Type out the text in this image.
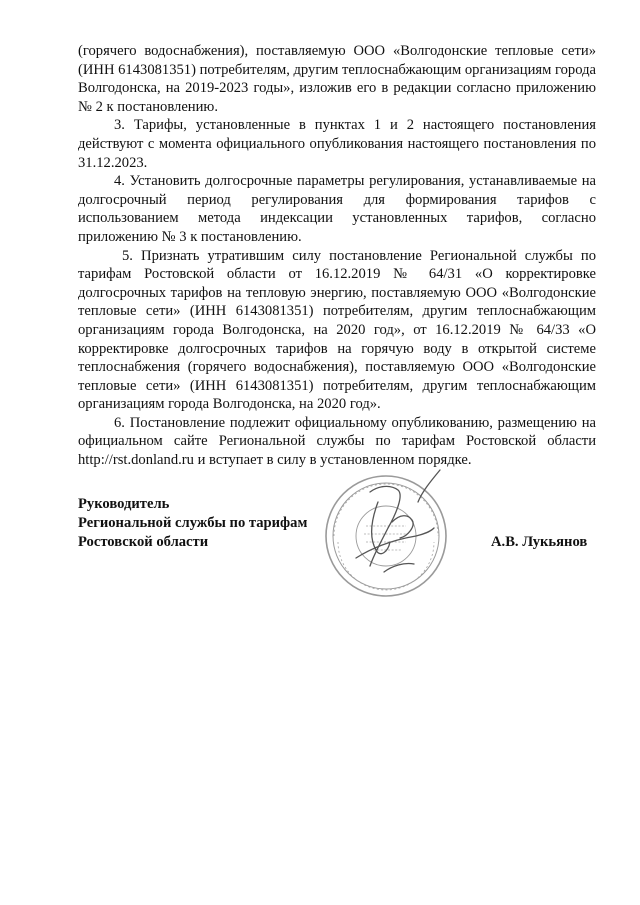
(горячего водоснабжения), поставляемую ООО «Волгодонские тепловые сети» (ИНН 6143081351) потребителям, другим теплоснабжающим организациям города Волгодонска, на 2019-2023 годы», изложив его в редакции согласно приложению № 2 к постановлению.

3. Тарифы, установленные в пунктах 1 и 2 настоящего постановления действуют с момента официального опубликования настоящего постановления по 31.12.2023.

4. Установить долгосрочные параметры регулирования, устанавливаемые на долгосрочный период регулирования для формирования тарифов с использованием метода индексации установленных тарифов, согласно приложению № 3 к постановлению.

5. Признать утратившим силу постановление Региональной службы по тарифам Ростовской области от 16.12.2019 № 64/31 «О корректировке долгосрочных тарифов на тепловую энергию, поставляемую ООО «Волгодонские тепловые сети» (ИНН 6143081351) потребителям, другим теплоснабжающим организациям города Волгодонска, на 2020 год», от 16.12.2019 № 64/33 «О корректировке долгосрочных тарифов на горячую воду в открытой системе теплоснабжения (горячего водоснабжения), поставляемую ООО «Волгодонские тепловые сети» (ИНН 6143081351) потребителям, другим теплоснабжающим организациям города Волгодонска, на 2020 год».

6. Постановление подлежит официальному опубликованию, размещению на официальном сайте Региональной службы по тарифам Ростовской области http://rst.donland.ru и вступает в силу в установленном порядке.

Руководитель
Региональной службы по тарифам
Ростовской области	А.В. Лукьянов
